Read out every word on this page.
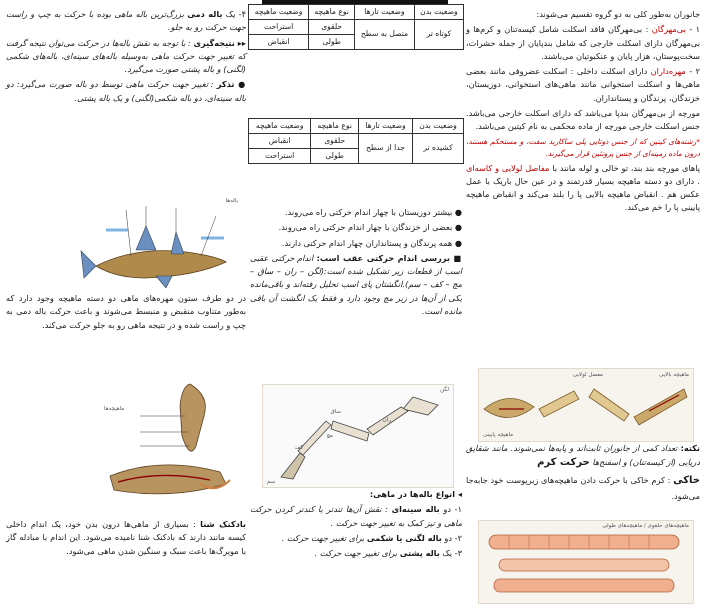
جانوران به‌طور کلی به دو گروه تقسیم می‌شوند:

۱ - بی‌مهرگان : بی‌مهرگان فاقد اسکلت شامل کیسه‌تنان و کرم‌ها و بی‌مهرگان دارای اسکلت خارجی که شامل بندپایان از جمله حشرات، سخت‌پوستان، هزار پایان و عنکبوتیان می‌باشند.

۲ - مهره‌داران دارای اسکلت داخلی : اسکلت غضروفی مانند بعضی ماهی‌ها و اسکلت استخوانی مانند ماهی‌های استخوانی، دوزیستان، خزندگان، پرندگان و پستانداران.

مورچه از بی‌مهرگان بندپا می‌باشد که دارای اسکلت خارجی می‌باشد. جنس اسکلت خارجی مورچه از ماده محکمی به نام کیتین می‌باشد.

*رشته‌های کیتین که از جنس دوتایی پلی ساکارید سفت، و مستحکم هستند، درون ماده زمینه‌ای از جنس پروتئین قرار می‌گیرند.

پاهای مورچه بند بند، تو خالی و لوله مانند با مفاصل لولایی و کاسه‌ای . دارای دو دسته ماهیچه بسیار قدرتمند و در عین حال باریک با عمل عکس هم . انقباض ماهیچه بالایی پا را بلند می‌کند و انقباض ماهیچه پایینی پا را خم می‌کند.

ماهیچه بالایی
مفصل لولایی
ماهیچه پایینی

نکته: تعداد کمی از جانوران ثابت‌اند و پایه‌ها نمی‌شوند. مانند شقایق دریایی (از کیسه‌تنان) و اسفنج‌ها حرکت کرم

خاکی : کرم خاکی با حرکت دادن ماهیچه‌های زیرپوست خود جابه‌جا می‌شود.

ماهیچه‌های حلقوی / ماهیچه‌های طولی
وضعیت بدن	وضعیت تارها	نوع ماهیچه	وضعیت ماهیچه
کوتاه تر	متصل به سطح	حلقوی	استراحت
		طولی	انقباض
وضعیت بدن	وضعیت تارها	نوع ماهیچه	وضعیت ماهیچه
کشیده تر	جدا از سطح	حلقوی	انقباض
		طولی	استراحت

● بیشتر دوزیستان با چهار اندام حرکتی راه می‌روند.

● بعضی از خزندگان با چهار اندام حرکتی راه می‌روند.

● همه پرندگان و پستانداران چهار اندام حرکتی دارند.

■ بررسی اندام حرکتی عقب اسب: اندام حرکتی عقبی اسب از قطعات زیر تشکیل شده است:(لگن – ران – ساق – مچ – کف – سم).انگشتان پای اسب تحلیل رفته‌اند و باقی‌مانده یکی از آن‌ها در زیر مچ وجود دارد و فقط یک انگشت آن باقی مانده است.

لگن
ران
ساق
مچ
کف
سم

◂ انواع باله‌ها در ماهی:

۱- دو باله سینه‌ای : نقش آن‌ها تند‌تر یا کندتر کردن حرکت ماهی و تیز کمک به تغییر جهت حرکت .

۲- دو باله لگنی یا شکمی برای تغییر جهت حرکت .

۳- یک باله پشتی برای تغییر جهت حرکت .

۴- یک باله دمی بزرگ‌ترین باله ماهی بوده با حرکت به چپ و راست جهت حرکت رو به جلو.

▸▸ نتیجه‌گیری : با توجه به نقش باله‌ها در حرکت می‌توان نتیجه گرفت که تغییر جهت حرکت ماهی به‌وسیله باله‌های سینه‌ای، باله‌های شکمی (لگنی) و باله پشتی صورت می‌گیرد.

● تذکر : تغییر جهت حرکت ماهی توسط دو باله صورت می‌گیرد: دو باله سینه‌ای، دو باله شکمی(لگنی) و یک باله پشتی.

باله‌ها

در دو طرف ستون مهره‌های ماهی دو دسته ماهیچه وجود دارد که به‌طور متناوب منقبض و منبسط می‌شوند و باعث حرکت باله دمی به چپ و راست شده و در نتیجه ماهی رو به جلو حرکت می‌کند.

ماهیچه‌ها

بادکنک شنا : بسیاری از ماهی‌ها درون بدن خود، یک اندام داخلی کیسه مانند دارند که بادکنک شنا نامیده می‌شود. این اندام با مبادله گاز با مویرگ‌ها باعث سبک و سنگین شدن ماهی می‌شود.
